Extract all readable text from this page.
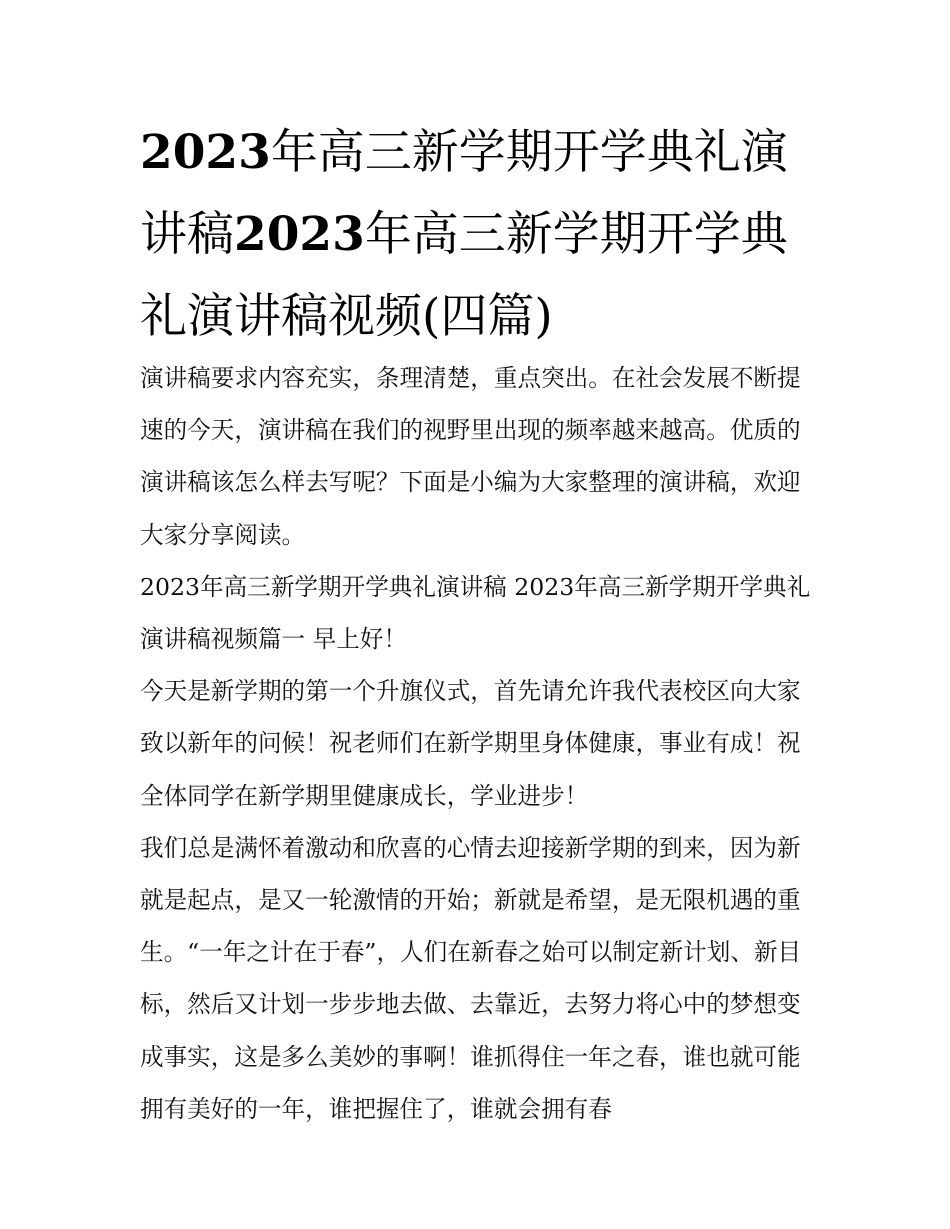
2023年高三新学期开学典礼演讲稿2023年高三新学期开学典礼演讲稿视频(四篇)

演讲稿要求内容充实，条理清楚，重点突出。在社会发展不断提速的今天，演讲稿在我们的视野里出现的频率越来越高。优质的演讲稿该怎么样去写呢？下面是小编为大家整理的演讲稿，欢迎大家分享阅读。

2023年高三新学期开学典礼演讲稿 2023年高三新学期开学典礼演讲稿视频篇一 早上好！

今天是新学期的第一个升旗仪式，首先请允许我代表校区向大家致以新年的问候！祝老师们在新学期里身体健康，事业有成！祝全体同学在新学期里健康成长，学业进步！

我们总是满怀着激动和欣喜的心情去迎接新学期的到来，因为新就是起点，是又一轮激情的开始；新就是希望，是无限机遇的重生。“一年之计在于春”，人们在新春之始可以制定新计划、新目标，然后又计划一步步地去做、去靠近，去努力将心中的梦想变成事实，这是多么美妙的事啊！谁抓得住一年之春，谁也就可能拥有美好的一年，谁把握住了，谁就会拥有春
